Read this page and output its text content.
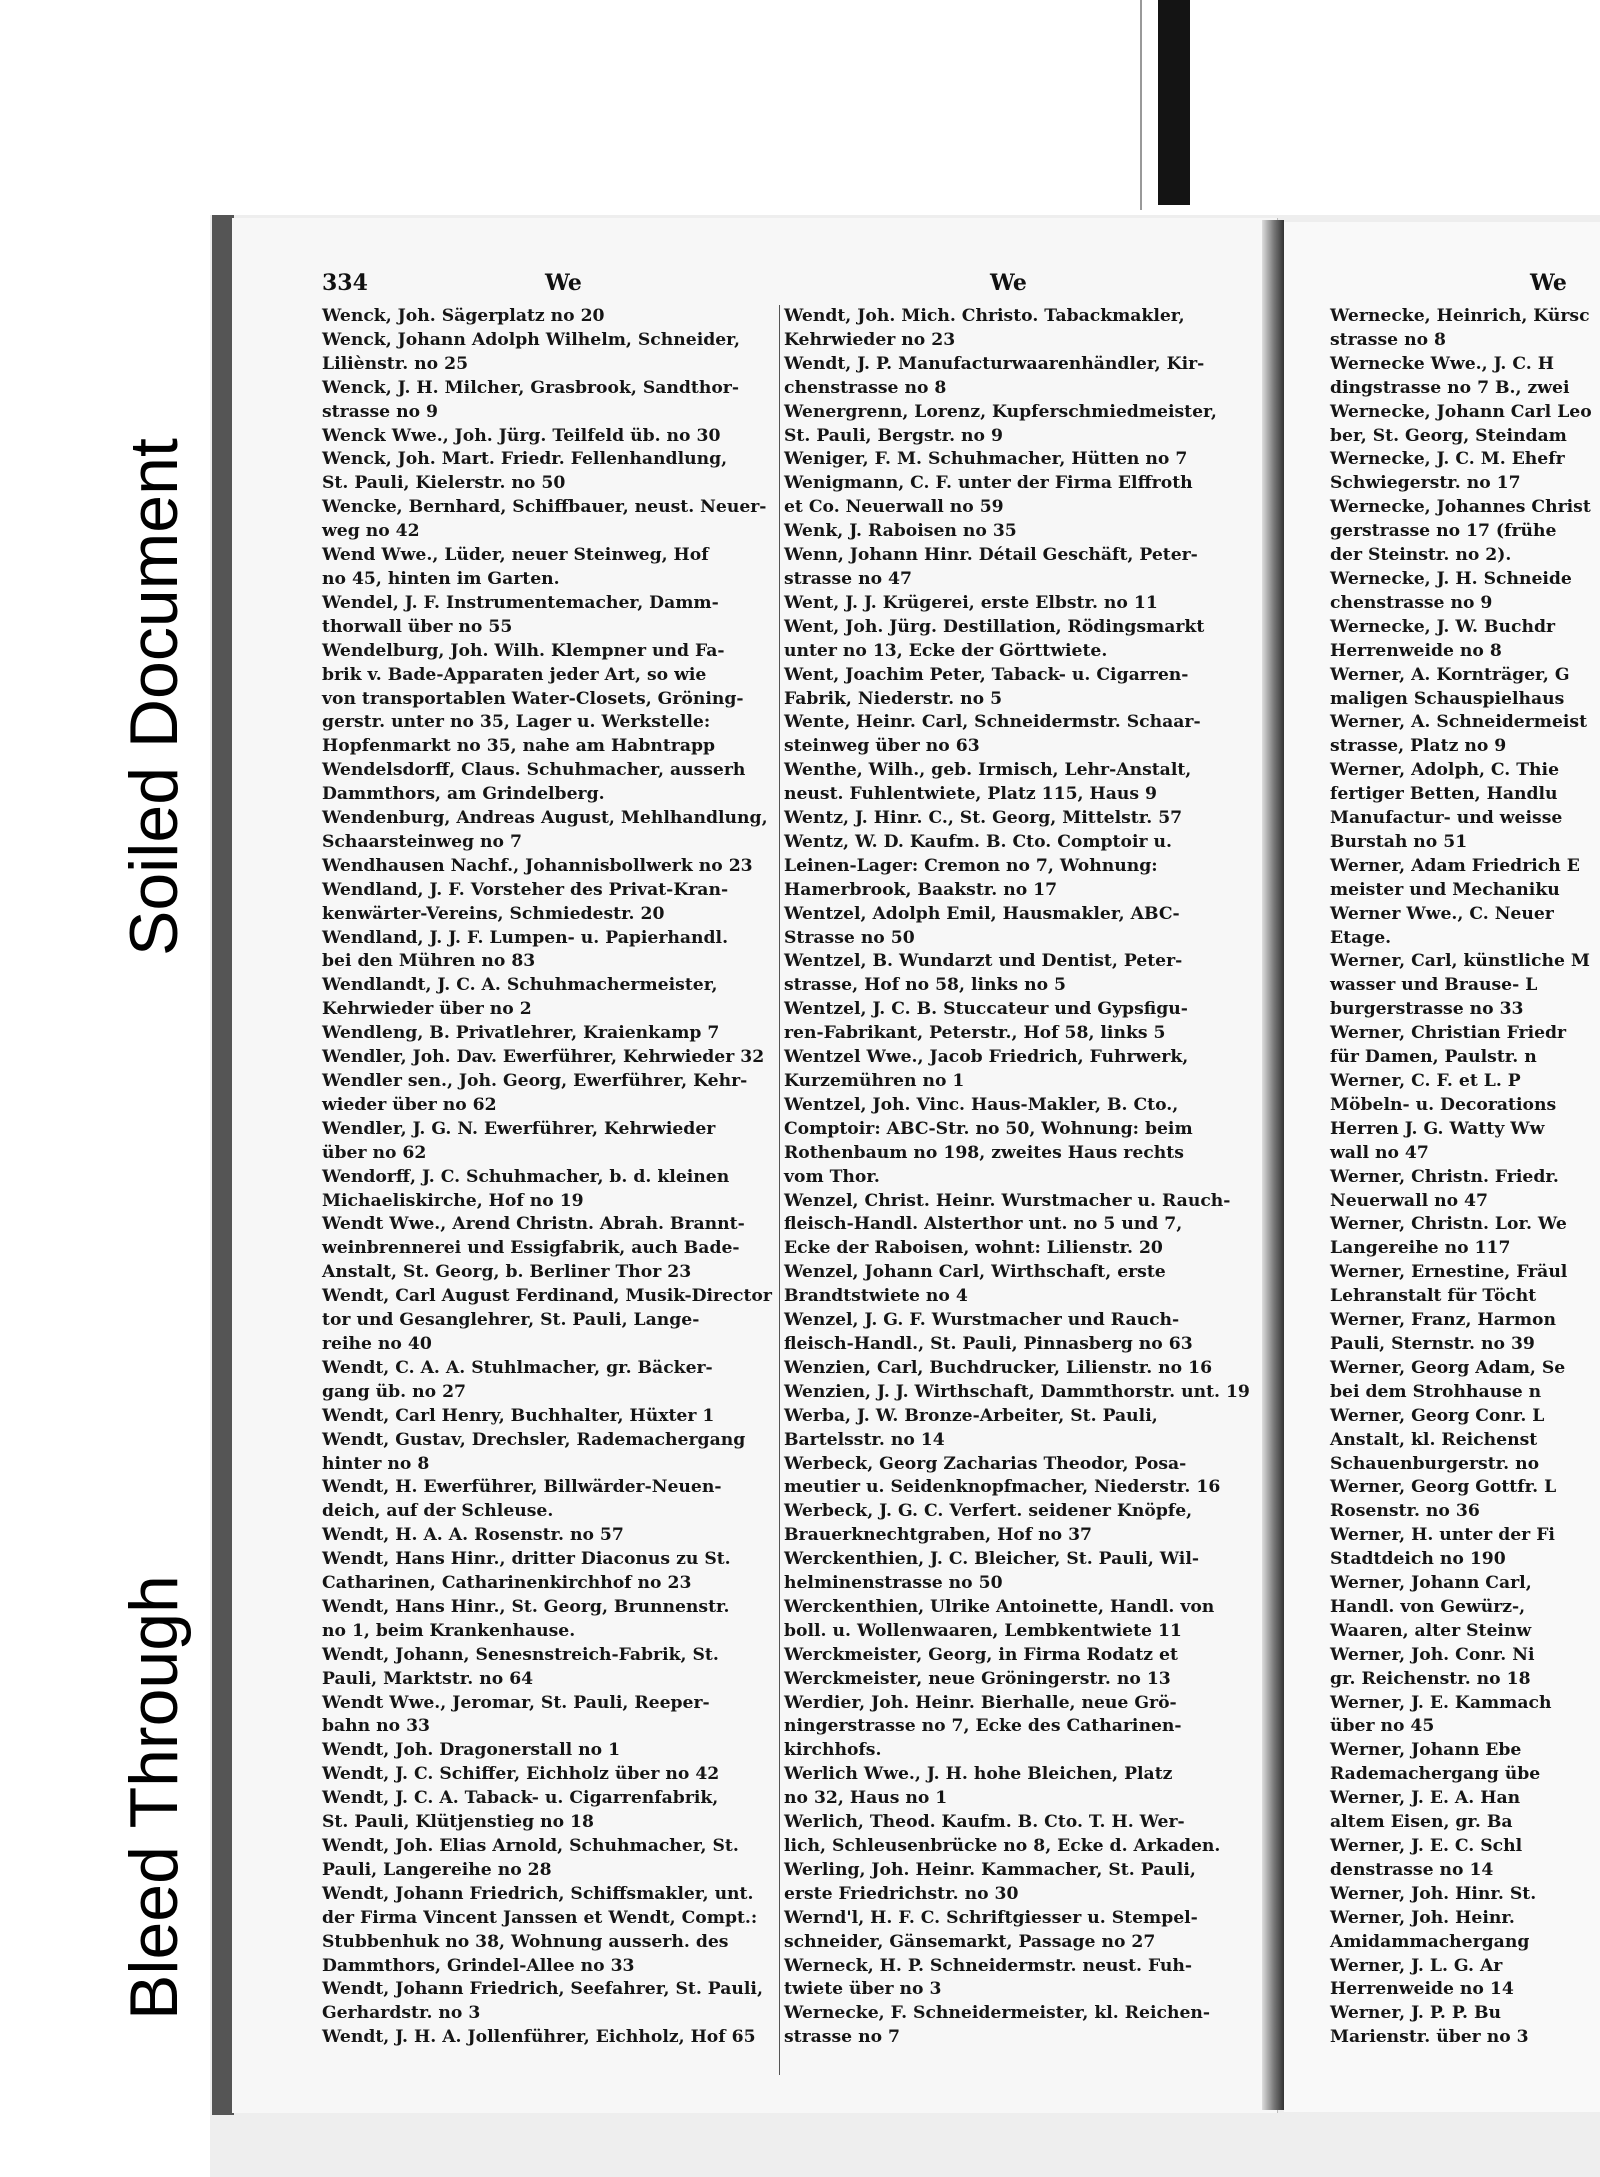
Soiled Document
Bleed Through
334	We	We	We
Wenck, Joh. Sägerplatz no 20
Wenck, Johann Adolph Wilhelm, Schneider,
Liliènstr. no 25
Wenck, J. H. Milcher, Grasbrook, Sandthor-
strasse no 9
Wenck Wwe., Joh. Jürg. Teilfeld üb. no 30
Wenck, Joh. Mart. Friedr. Fellenhandlung,
St. Pauli, Kielerstr. no 50
Wencke, Bernhard, Schiffbauer, neust. Neuer-
weg no 42
Wend Wwe., Lüder, neuer Steinweg, Hof
no 45, hinten im Garten.
Wendel, J. F. Instrumentemacher, Damm-
thorwall über no 55
Wendelburg, Joh. Wilh. Klempner und Fa-
brik v. Bade-Apparaten jeder Art, so wie
von transportablen Water-Closets, Gröning-
gerstr. unter no 35, Lager u. Werkstelle:
Hopfenmarkt no 35, nahe am Habntrapp
Wendelsdorff, Claus. Schuhmacher, ausserh
Dammthors, am Grindelberg.
Wendenburg, Andreas August, Mehlhandlung,
Schaarsteinweg no 7
Wendhausen Nachf., Johannisbollwerk no 23
Wendland, J. F. Vorsteher des Privat-Kran-
kenwärter-Vereins, Schmiedestr. 20
Wendland, J. J. F. Lumpen- u. Papierhandl.
bei den Mühren no 83
Wendlandt, J. C. A. Schuhmachermeister,
Kehrwieder über no 2
Wendleng, B. Privatlehrer, Kraienkamp 7
Wendler, Joh. Dav. Ewerführer, Kehrwieder 32
Wendler sen., Joh. Georg, Ewerführer, Kehr-
wieder über no 62
Wendler, J. G. N. Ewerführer, Kehrwieder
über no 62
Wendorff, J. C. Schuhmacher, b. d. kleinen
Michaeliskirche, Hof no 19
Wendt Wwe., Arend Christn. Abrah. Brannt-
weinbrennerei und Essigfabrik, auch Bade-
Anstalt, St. Georg, b. Berliner Thor 23
Wendt, Carl August Ferdinand, Musik-Director
tor und Gesanglehrer, St. Pauli, Lange-
reihe no 40
Wendt, C. A. A. Stuhlmacher, gr. Bäcker-
gang üb. no 27
Wendt, Carl Henry, Buchhalter, Hüxter 1
Wendt, Gustav, Drechsler, Rademachergang
hinter no 8
Wendt, H. Ewerführer, Billwärder-Neuen-
deich, auf der Schleuse.
Wendt, H. A. A. Rosenstr. no 57
Wendt, Hans Hinr., dritter Diaconus zu St.
Catharinen, Catharinenkirchhof no 23
Wendt, Hans Hinr., St. Georg, Brunnenstr.
no 1, beim Krankenhause.
Wendt, Johann, Senesnstreich-Fabrik, St.
Pauli, Marktstr. no 64
Wendt Wwe., Jeromar, St. Pauli, Reeper-
bahn no 33
Wendt, Joh. Dragonerstall no 1
Wendt, J. C. Schiffer, Eichholz über no 42
Wendt, J. C. A. Taback- u. Cigarrenfabrik,
St. Pauli, Klütjenstieg no 18
Wendt, Joh. Elias Arnold, Schuhmacher, St.
Pauli, Langereihe no 28
Wendt, Johann Friedrich, Schiffsmakler, unt.
der Firma Vincent Janssen et Wendt, Compt.:
Stubbenhuk no 38, Wohnung ausserh. des
Dammthors, Grindel-Allee no 33
Wendt, Johann Friedrich, Seefahrer, St. Pauli,
Gerhardstr. no 3
Wendt, J. H. A. Jollenführer, Eichholz, Hof 65
Wendt, Joh. Mich. Christo. Tabackmakler,
Kehrwieder no 23
Wendt, J. P. Manufacturwaarenhändler, Kir-
chenstrasse no 8
Wenergrenn, Lorenz, Kupferschmiedmeister,
St. Pauli, Bergstr. no 9
Weniger, F. M. Schuhmacher, Hütten no 7
Wenigmann, C. F. unter der Firma Elffroth
et Co. Neuerwall no 59
Wenk, J. Raboisen no 35
Wenn, Johann Hinr. Détail Geschäft, Peter-
strasse no 47
Went, J. J. Krügerei, erste Elbstr. no 11
Went, Joh. Jürg. Destillation, Rödingsmarkt
unter no 13, Ecke der Görttwiete.
Went, Joachim Peter, Taback- u. Cigarren-
Fabrik, Niederstr. no 5
Wente, Heinr. Carl, Schneidermstr. Schaar-
steinweg über no 63
Wenthe, Wilh., geb. Irmisch, Lehr-Anstalt,
neust. Fuhlentwiete, Platz 115, Haus 9
Wentz, J. Hinr. C., St. Georg, Mittelstr. 57
Wentz, W. D. Kaufm. B. Cto. Comptoir u.
Leinen-Lager: Cremon no 7, Wohnung:
Hamerbrook, Baakstr. no 17
Wentzel, Adolph Emil, Hausmakler, ABC-
Strasse no 50
Wentzel, B. Wundarzt und Dentist, Peter-
strasse, Hof no 58, links no 5
Wentzel, J. C. B. Stuccateur und Gypsfigu-
ren-Fabrikant, Peterstr., Hof 58, links 5
Wentzel Wwe., Jacob Friedrich, Fuhrwerk,
Kurzemühren no 1
Wentzel, Joh. Vinc. Haus-Makler, B. Cto.,
Comptoir: ABC-Str. no 50, Wohnung: beim
Rothenbaum no 198, zweites Haus rechts
vom Thor.
Wenzel, Christ. Heinr. Wurstmacher u. Rauch-
fleisch-Handl. Alsterthor unt. no 5 und 7,
Ecke der Raboisen, wohnt: Lilienstr. 20
Wenzel, Johann Carl, Wirthschaft, erste
Brandtstwiete no 4
Wenzel, J. G. F. Wurstmacher und Rauch-
fleisch-Handl., St. Pauli, Pinnasberg no 63
Wenzien, Carl, Buchdrucker, Lilienstr. no 16
Wenzien, J. J. Wirthschaft, Dammthorstr. unt. 19
Werba, J. W. Bronze-Arbeiter, St. Pauli,
Bartelsstr. no 14
Werbeck, Georg Zacharias Theodor, Posa-
meutier u. Seidenknopfmacher, Niederstr. 16
Werbeck, J. G. C. Verfert. seidener Knöpfe,
Brauerknechtgraben, Hof no 37
Werckenthien, J. C. Bleicher, St. Pauli, Wil-
helminenstrasse no 50
Werckenthien, Ulrike Antoinette, Handl. von
boll. u. Wollenwaaren, Lembkentwiete 11
Werckmeister, Georg, in Firma Rodatz et
Werckmeister, neue Gröningerstr. no 13
Werdier, Joh. Heinr. Bierhalle, neue Grö-
ningerstrasse no 7, Ecke des Catharinen-
kirchhofs.
Werlich Wwe., J. H. hohe Bleichen, Platz
no 32, Haus no 1
Werlich, Theod. Kaufm. B. Cto. T. H. Wer-
lich, Schleusenbrücke no 8, Ecke d. Arkaden.
Werling, Joh. Heinr. Kammacher, St. Pauli,
erste Friedrichstr. no 30
Wernd'l, H. F. C. Schriftgiesser u. Stempel-
schneider, Gänsemarkt, Passage no 27
Werneck, H. P. Schneidermstr. neust. Fuh-
twiete über no 3
Wernecke, F. Schneidermeister, kl. Reichen-
strasse no 7
Wernecke, Heinrich, Kürsc
strasse no 8
Wernecke Wwe., J. C. H
dingstrasse no 7 B., zwei
Wernecke, Johann Carl Leo
ber, St. Georg, Steindam
Wernecke, J. C. M. Ehefr
Schwiegerstr. no 17
Wernecke, Johannes Christ
gerstrasse no 17 (frühe
der Steinstr. no 2).
Wernecke, J. H. Schneide
chenstrasse no 9
Wernecke, J. W. Buchdr
Herrenweide no 8
Werner, A. Kornträger, G
maligen Schauspielhaus
Werner, A. Schneidermeist
strasse, Platz no 9
Werner, Adolph, C. Thie
fertiger Betten, Handlu
Manufactur- und weisse
Burstah no 51
Werner, Adam Friedrich E
meister und Mechaniku
Werner Wwe., C. Neuer
Etage.
Werner, Carl, künstliche M
wasser und Brause- L
burgerstrasse no 33
Werner, Christian Friedr
für Damen, Paulstr. n
Werner, C. F. et L. P
Möbeln- u. Decorations
Herren J. G. Watty Ww
wall no 47
Werner, Christn. Friedr.
Neuerwall no 47
Werner, Christn. Lor. We
Langereihe no 117
Werner, Ernestine, Fräul
Lehranstalt für Töcht
Werner, Franz, Harmon
Pauli, Sternstr. no 39
Werner, Georg Adam, Se
bei dem Strohhause n
Werner, Georg Conr. L
Anstalt, kl. Reichenst
Schauenburgerstr. no
Werner, Georg Gottfr. L
Rosenstr. no 36
Werner, H. unter der Fi
Stadtdeich no 190
Werner, Johann Carl,
Handl. von Gewürz-,
Waaren, alter Steinw
Werner, Joh. Conr. Ni
gr. Reichenstr. no 18
Werner, J. E. Kammach
über no 45
Werner, Johann Ebe
Rademachergang übe
Werner, J. E. A. Han
altem Eisen, gr. Ba
Werner, J. E. C. Schl
denstrasse no 14
Werner, Joh. Hinr. St.
Werner, Joh. Heinr.
Amidammachergang
Werner, J. L. G. Ar
Herrenweide no 14
Werner, J. P. P. Bu
Marienstr. über no 3
